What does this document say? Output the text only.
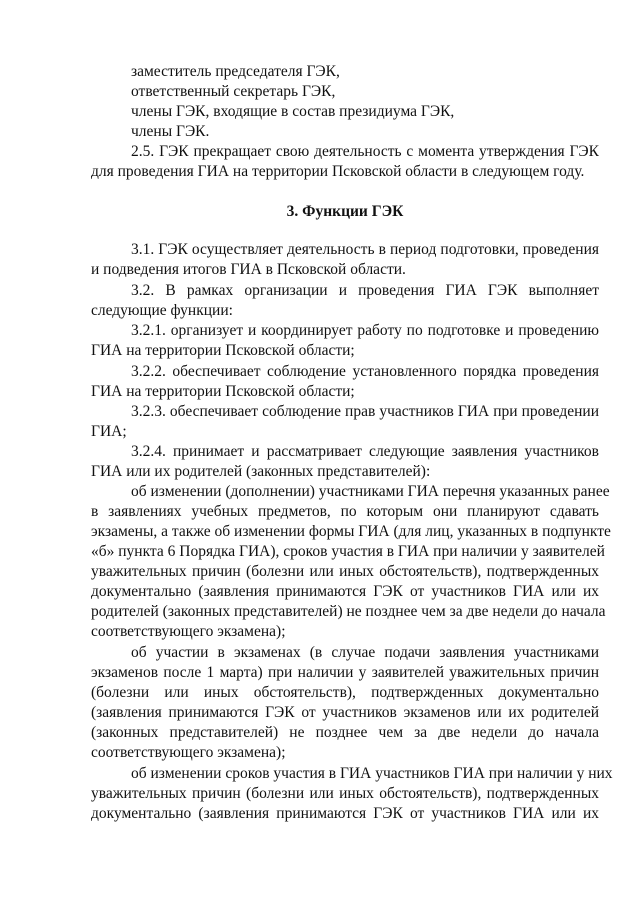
заместитель председателя ГЭК,
ответственный секретарь ГЭК,
члены ГЭК, входящие в состав президиума ГЭК,
члены ГЭК.
2.5. ГЭК прекращает свою деятельность с момента утверждения ГЭК
для проведения ГИА на территории Псковской области в следующем году.
3. Функции ГЭК
3.1. ГЭК осуществляет деятельность в период подготовки, проведения
и подведения итогов ГИА в Псковской области.
3.2. В рамках организации и проведения ГИА ГЭК выполняет
следующие функции:
3.2.1. организует и координирует работу по подготовке и проведению
ГИА на территории Псковской области;
3.2.2. обеспечивает соблюдение установленного порядка проведения
ГИА на территории Псковской области;
3.2.3. обеспечивает соблюдение прав участников ГИА при проведении
ГИА;
3.2.4. принимает и рассматривает следующие заявления участников
ГИА или их родителей (законных представителей):
об изменении (дополнении) участниками ГИА перечня указанных ранее
в заявлениях учебных предметов, по которым они планируют сдавать
экзамены, а также об изменении формы ГИА (для лиц, указанных в подпункте
«б» пункта 6 Порядка ГИА), сроков участия в ГИА при наличии у заявителей
уважительных причин (болезни или иных обстоятельств), подтвержденных
документально (заявления принимаются ГЭК от участников ГИА или их
родителей (законных представителей) не позднее чем за две недели до начала
соответствующего экзамена);
об участии в экзаменах (в случае подачи заявления участниками
экзаменов после 1 марта) при наличии у заявителей уважительных причин
(болезни или иных обстоятельств), подтвержденных документально
(заявления принимаются ГЭК от участников экзаменов или их родителей
(законных представителей) не позднее чем за две недели до начала
соответствующего экзамена);
об изменении сроков участия в ГИА участников ГИА при наличии у них
уважительных причин (болезни или иных обстоятельств), подтвержденных
документально (заявления принимаются ГЭК от участников ГИА или их
